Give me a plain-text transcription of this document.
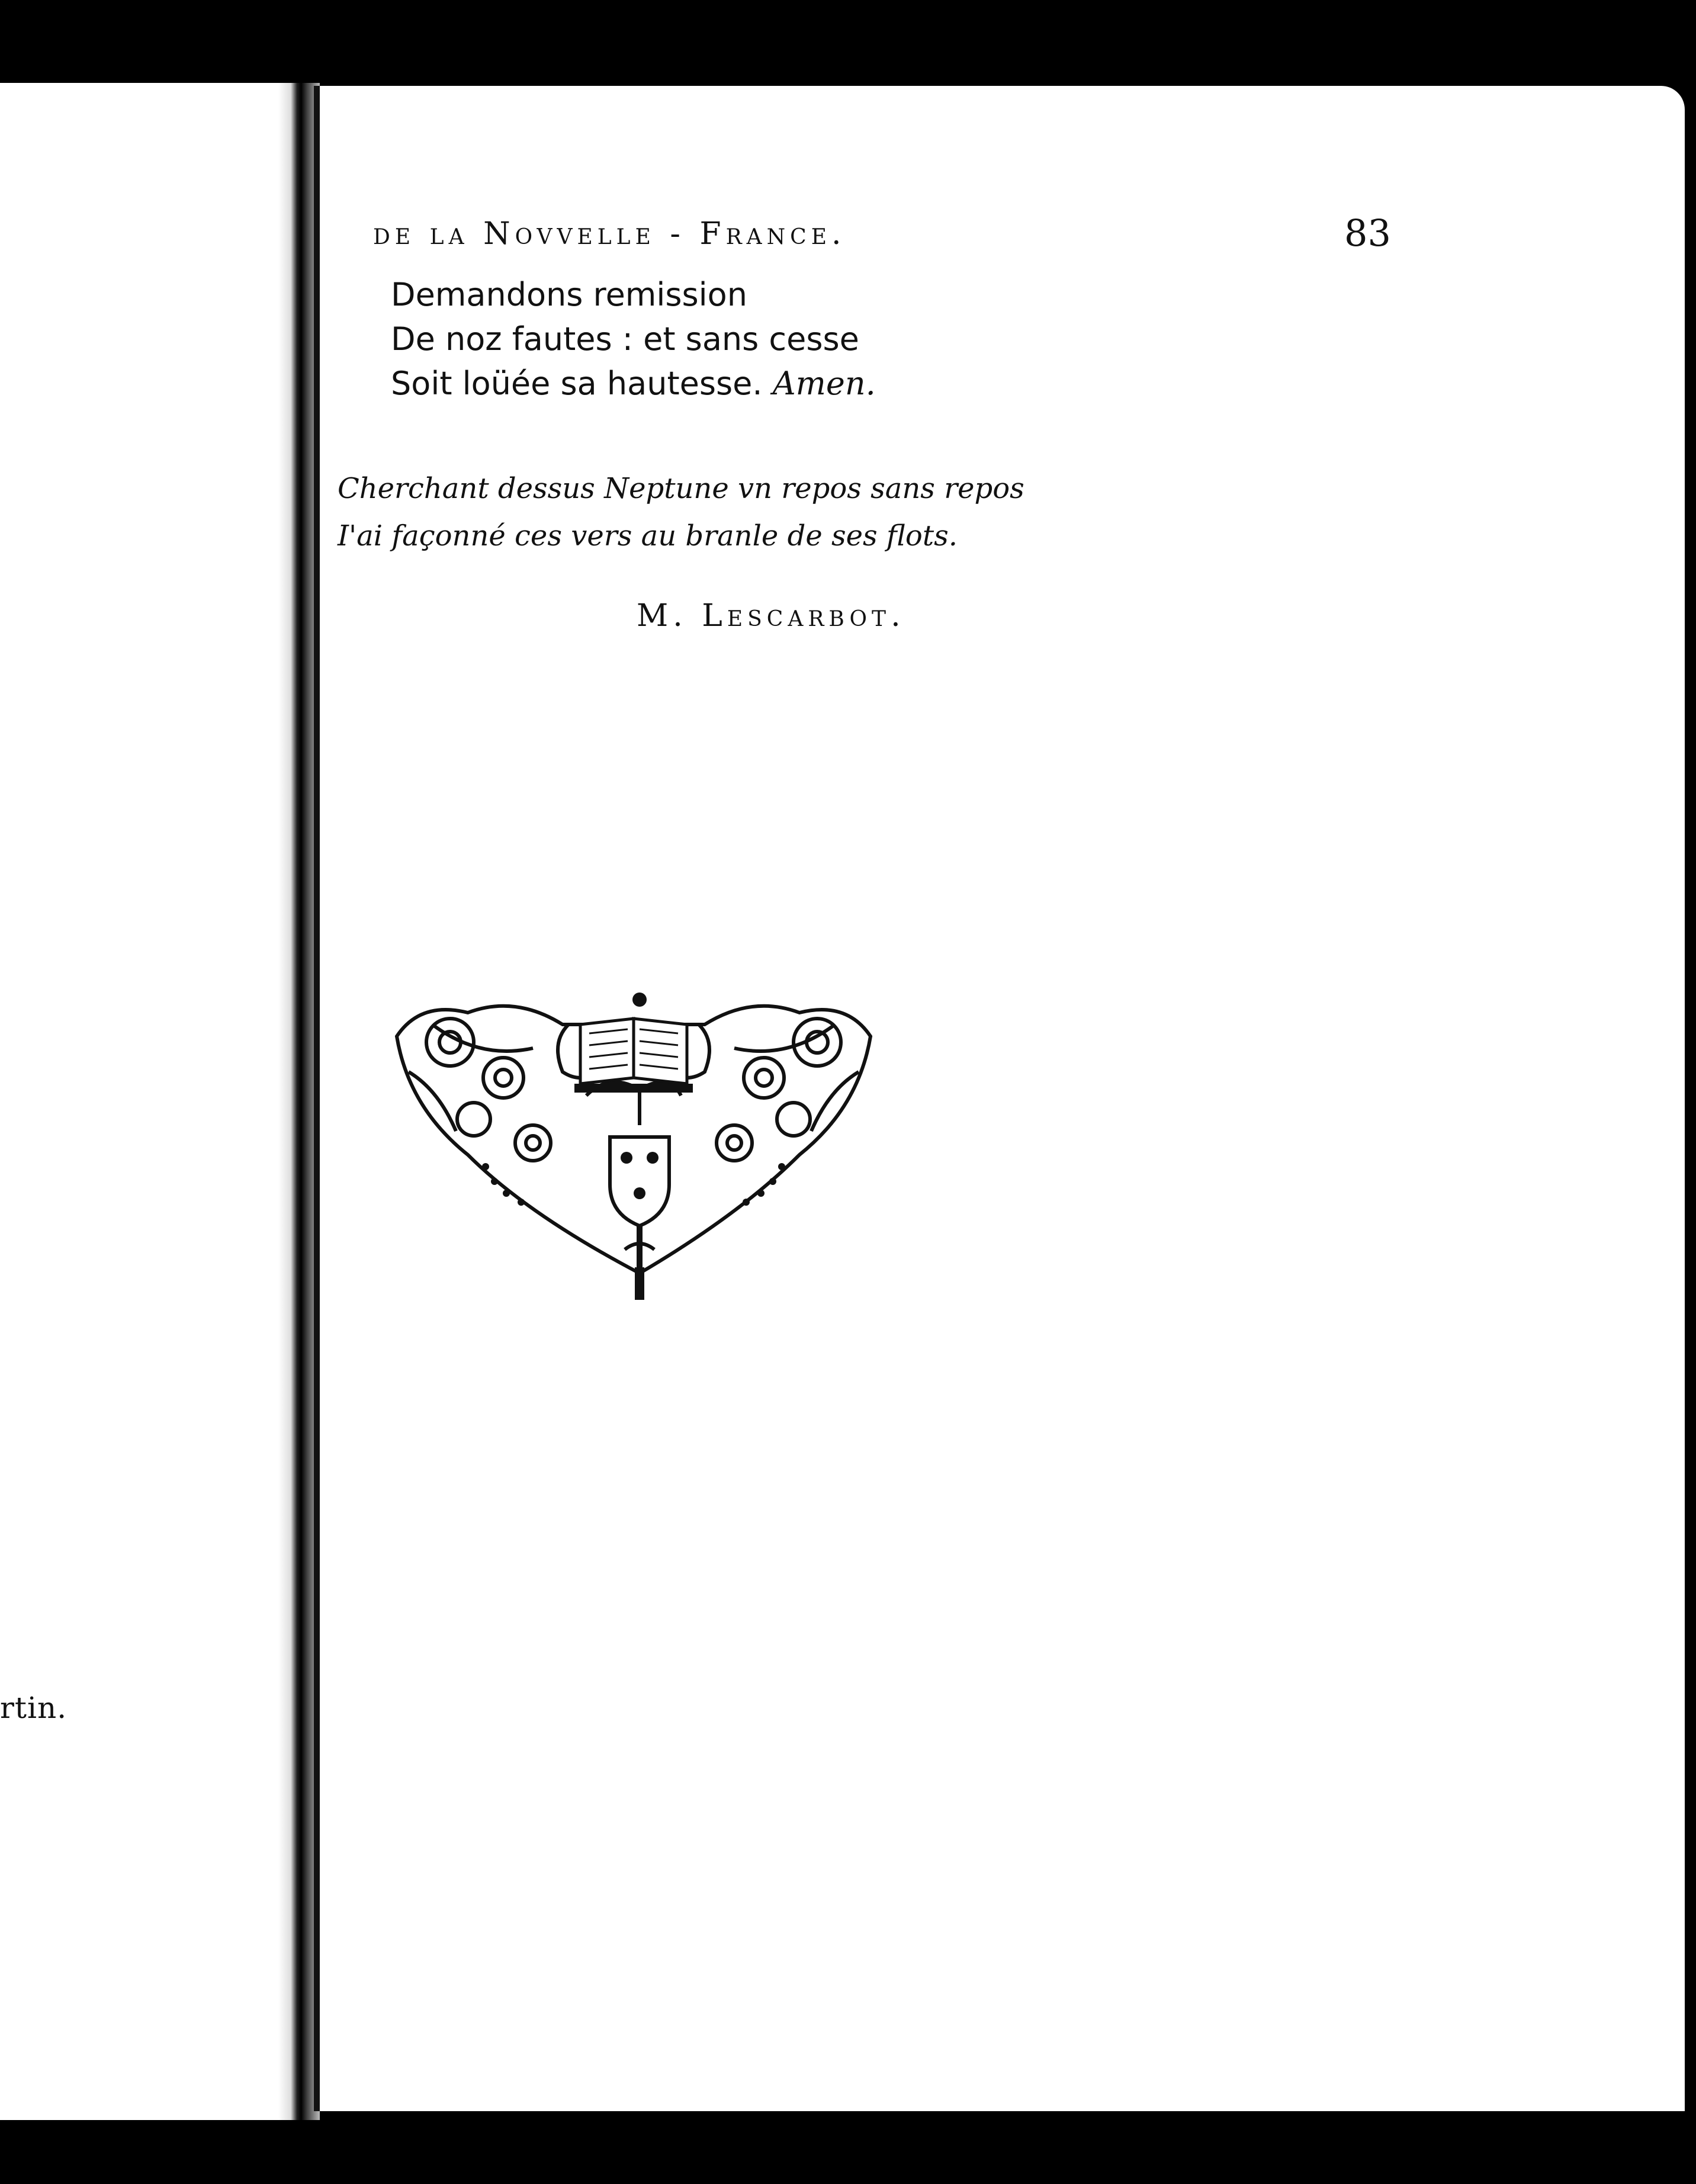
rtin.
de la Novvelle - France.	83
Demandons remission
De noz fautes : et sans cesse
Soit loüée sa hautesse. Amen.
Cherchant dessus Neptune vn repos sans repos
I'ai façonné ces vers au branle de ses flots.
M. Lescarbot.
